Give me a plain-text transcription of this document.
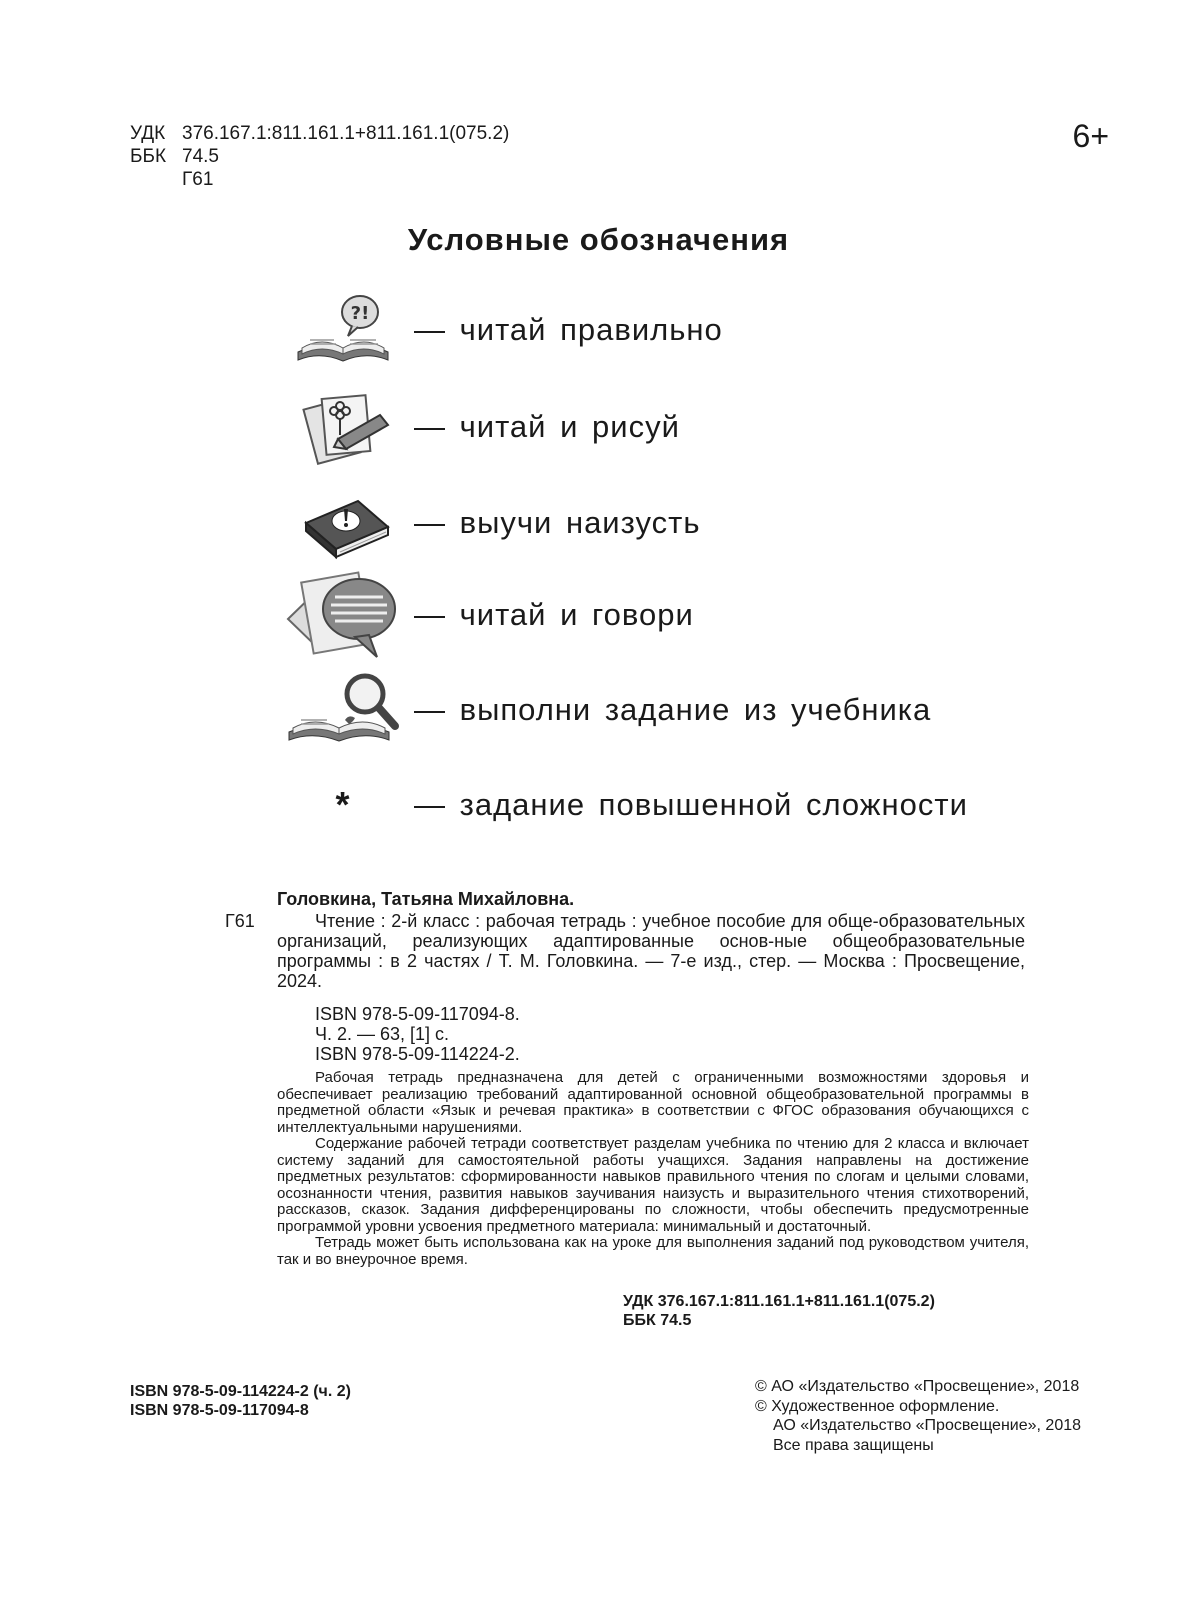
УДК 376.167.1:811.161.1+811.161.1(075.2)
ББК 74.5
Г61
6+
Условные обозначения
?! — читай правильно
— читай и рисуй
— выучи наизусть
— читай и говори
— выполни задание из учебника
* — задание повышенной сложности
Головкина, Татьяна Михайловна.
Г61	Чтение : 2-й класс : рабочая тетрадь : учебное пособие для обще-образовательных организаций, реализующих адаптированные основ-ные общеобразовательные программы : в 2 частях / Т. М. Головкина. — 7-е изд., стер. — Москва : Просвещение, 2024.
ISBN 978-5-09-117094-8.
Ч. 2. — 63, [1] с.
ISBN 978-5-09-114224-2.

Рабочая тетрадь предназначена для детей с ограниченными возможностями здоровья и обеспечивает реализацию требований адаптированной основной общеобразовательной программы в предметной области «Язык и речевая практика» в соответствии с ФГОС образования обучающихся с интеллектуальными нарушениями.

Содержание рабочей тетради соответствует разделам учебника по чтению для 2 класса и включает систему заданий для самостоятельной работы учащихся. Задания направлены на достижение предметных результатов: сформированности навыков правильного чтения по слогам и целыми словами, осознанности чтения, развития навыков заучивания наизусть и выразительного чтения стихотворений, рассказов, сказок. Задания дифференцированы по сложности, чтобы обеспечить предусмотренные программой уровни усвоения предметного материала: минимальный и достаточный.

Тетрадь может быть использована как на уроке для выполнения заданий под руководством учителя, так и во внеурочное время.

УДК 376.167.1:811.161.1+811.161.1(075.2)
ББК 74.5
ISBN 978-5-09-114224-2 (ч. 2)
ISBN 978-5-09-117094-8
© АО «Издательство «Просвещение», 2018
© Художественное оформление.
АО «Издательство «Просвещение», 2018
Все права защищены
